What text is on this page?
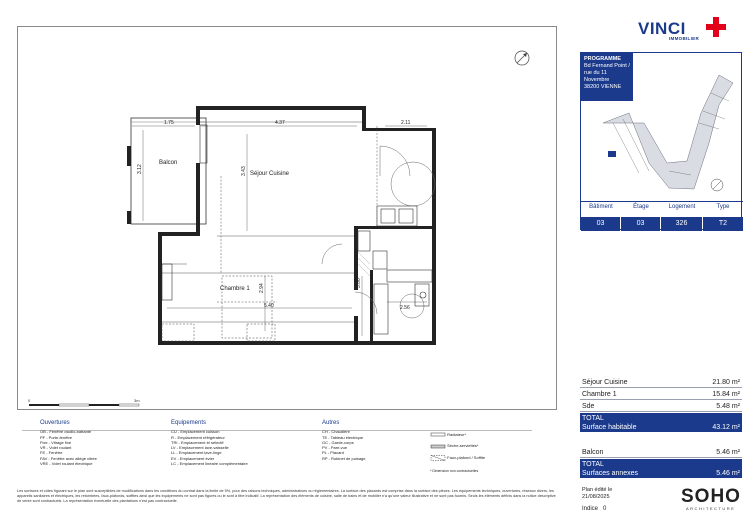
1.75	4.37	2.11
3.12	3.43
2.94
5.40
3.00
2.56
Balcon
Séjour Cuisine
Chambre 1
0	3m
VINCI
IMMOBILIER
PROGRAMME
Bd Fernand Point /
rue du 11 Novembre
38200 VIENNE
Bâtiment	Étage	Logement	Type
03	03	326	T2
Séjour Cuisine	21.80 m²
Chambre 1	15.84 m²
Sde	5.48 m²
TOTAL
Surface habitable	43.12 m²
Balcon	5.46 m²
TOTAL
Surfaces annexes	5.46 m²
Ouvertures
OB - Fenêtre oscillo-battante
PF - Porte-fenêtre
Fixe - Vitrage fixe
VR - Volet roulant
FE - Fenêtre
FAV - Fenêtre avec allège vitrée
VRE - Volet roulant électrique
Equipements
CU - Emplacement cuisson
R - Emplacement réfrigérateur
TRI - Emplacement tri sélectif
LV - Emplacement lave-vaisselle
LL - Emplacement lave-linge
EV - Emplacement évier
LC - Emplacement linéaire complémentaire
Autres
CH - Chaudière
TE - Tableau électrique
GC - Garde-corps
PV - Pare-vue
PL - Placard
RP - Robinet de puisage
Radiateur*
Sèche-serviettes*
Faux-plafond / Soffite
* Dimension non contractuelles
Les surfaces et côtes figurant sur le plan sont susceptibles de modifications dans les conditions du contrat dans la limite de 5%, pour des raisons techniques, administratives ou réglementaires. La surface des placards est comprise dans la surface des pièces. Les équipements techniques, ouvertures, réseaux divers, les appareils sanitaires et électriques, les retombées, faux-plafonds, soffites ainsi que les équipements ne sont pas figurés ou le sont à titre indicatif. La représentation des éléments de cuisine, salle de bains et de mobilier n'a qu'une valeur illustrative et ne sont pas fournis. Seuls les éléments définis dans la notice descriptive de vente sont contractuels. La représentation éventuelle des plantations n'est pas contractuelle.
Plan édité le
21/08/2025
Indice 0
SOHO
ARCHITECTURE
